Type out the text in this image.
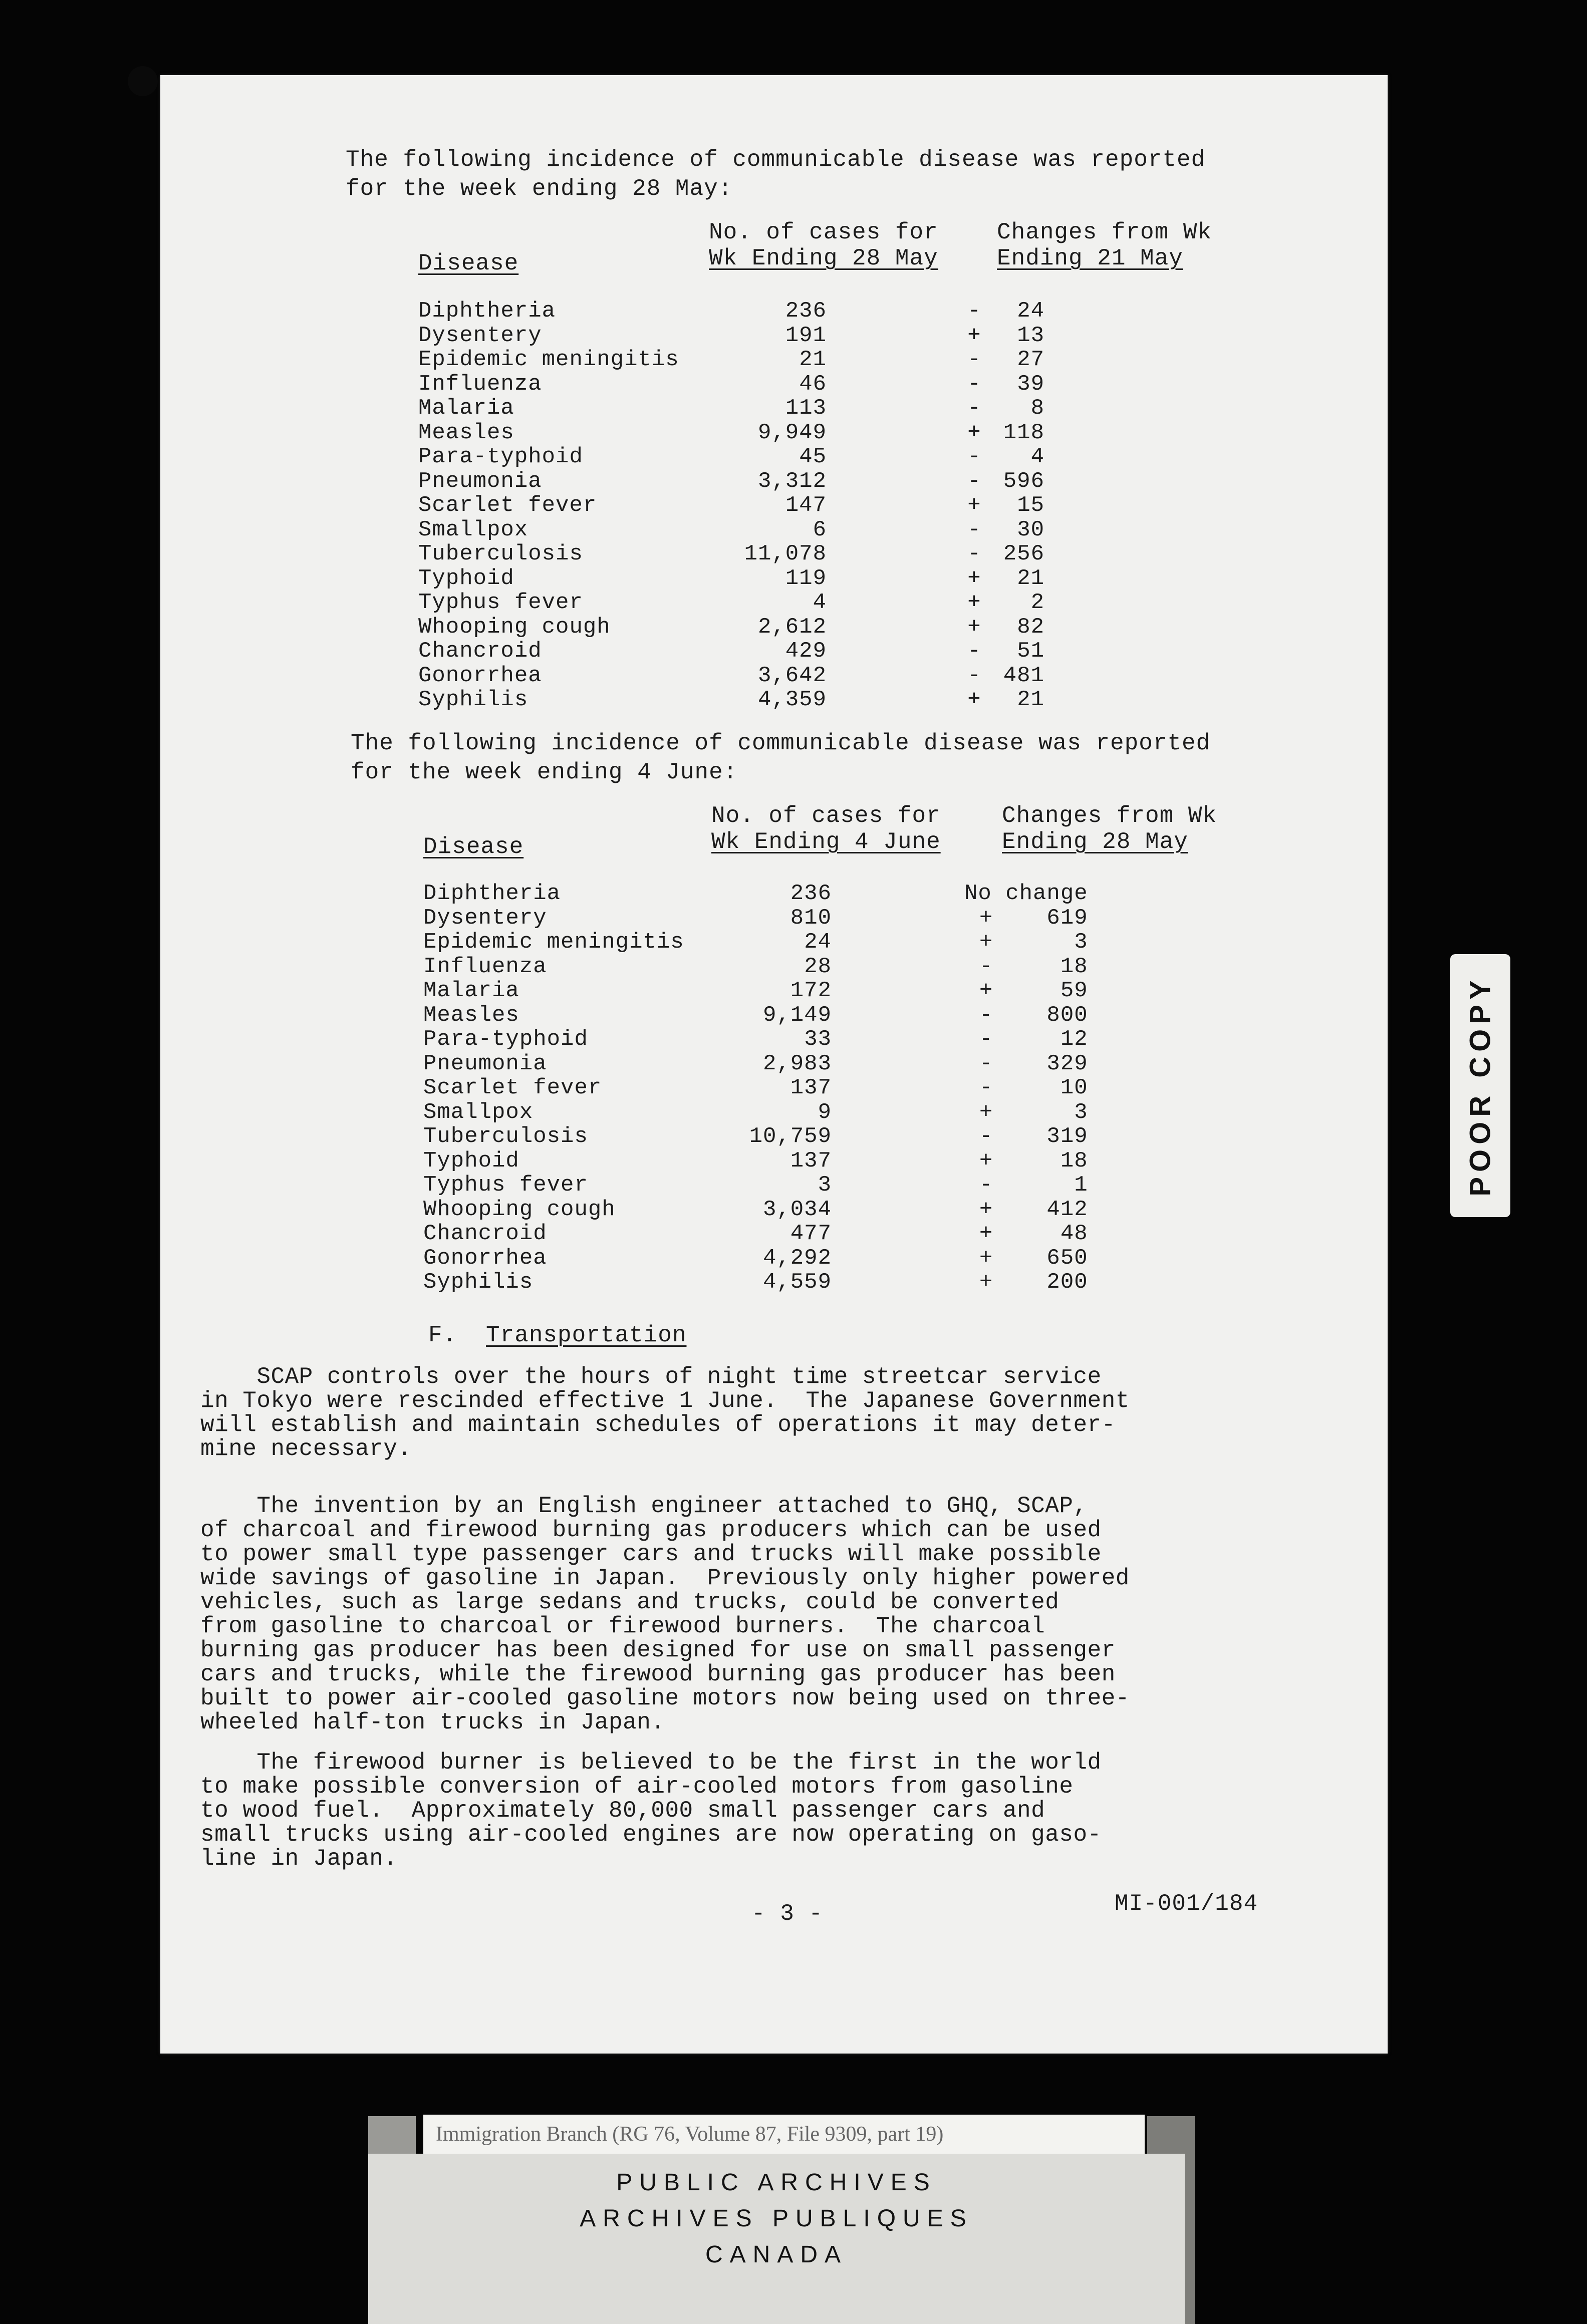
The following incidence of communicable disease was reported
for the week ending 28 May:
No. of cases for
Wk Ending 28 May
Changes from Wk
Ending 21 May
Disease
Diphtheria	236		-	24
Dysentery	191		+	13
Epidemic meningitis	21		-	27
Influenza	46		-	39
Malaria	113		-	8
Measles	9,949		+	118
Para-typhoid	45		-	4
Pneumonia	3,312		-	596
Scarlet fever	147		+	15
Smallpox	6		-	30
Tuberculosis	11,078		-	256
Typhoid	119		+	21
Typhus fever	4		+	2
Whooping cough	2,612		+	82
Chancroid	429		-	51
Gonorrhea	3,642		-	481
Syphilis	4,359		+	21
The following incidence of communicable disease was reported
for the week ending 4 June:
No. of cases for
Wk Ending 4 June
Changes from Wk
Ending 28 May
Disease
Diphtheria	236		No change	
Dysentery	810		+	619
Epidemic meningitis	24		+	3
Influenza	28		-	18
Malaria	172		+	59
Measles	9,149		-	800
Para-typhoid	33		-	12
Pneumonia	2,983		-	329
Scarlet fever	137		-	10
Smallpox	9		+	3
Tuberculosis	10,759		-	319
Typhoid	137		+	18
Typhus fever	3		-	1
Whooping cough	3,034		+	412
Chancroid	477		+	48
Gonorrhea	4,292		+	650
Syphilis	4,559		+	200
F. Transportation
SCAP controls over the hours of night time streetcar service
in Tokyo were rescinded effective 1 June.  The Japanese Government
will establish and maintain schedules of operations it may deter-
mine necessary.
The invention by an English engineer attached to GHQ, SCAP,
of charcoal and firewood burning gas producers which can be used
to power small type passenger cars and trucks will make possible
wide savings of gasoline in Japan.  Previously only higher powered
vehicles, such as large sedans and trucks, could be converted
from gasoline to charcoal or firewood burners.  The charcoal
burning gas producer has been designed for use on small passenger
cars and trucks, while the firewood burning gas producer has been
built to power air-cooled gasoline motors now being used on three-
wheeled half-ton trucks in Japan.
The firewood burner is believed to be the first in the world
to make possible conversion of air-cooled motors from gasoline
to wood fuel.  Approximately 80,000 small passenger cars and
small trucks using air-cooled engines are now operating on gaso-
line in Japan.
- 3 -	MI-001/184
POOR COPY
Immigration Branch (RG 76, Volume 87, File 9309, part 19)
PUBLIC ARCHIVES
ARCHIVES PUBLIQUES
CANADA
